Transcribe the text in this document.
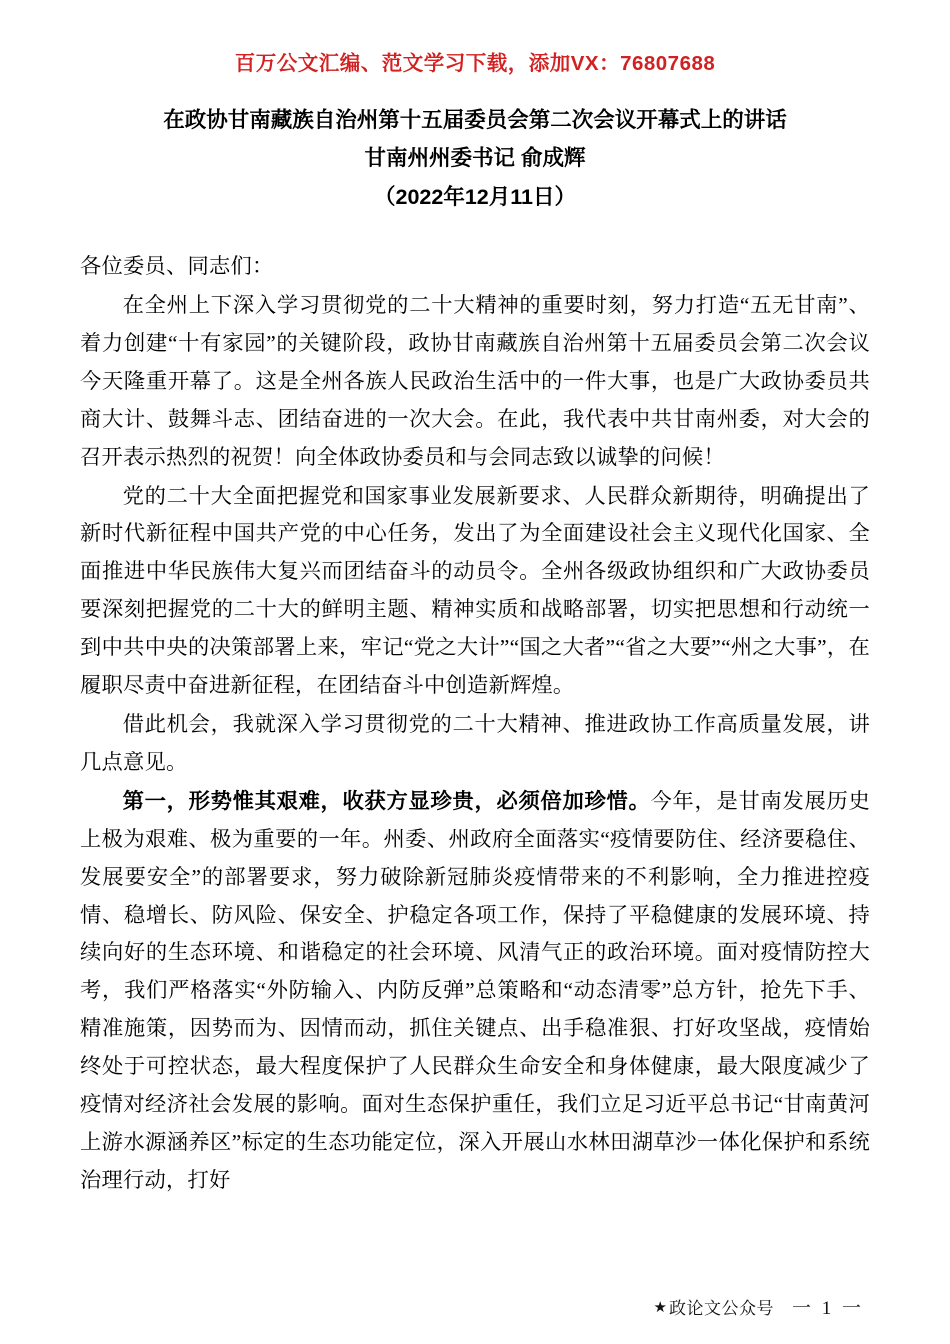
百万公文汇编、范文学习下载，添加VX：76807688
在政协甘南藏族自治州第十五届委员会第二次会议开幕式上的讲话
甘南州州委书记 俞成辉
（2022年12月11日）

各位委员、同志们：

在全州上下深入学习贯彻党的二十大精神的重要时刻，努力打造“五无甘南”、着力创建“十有家园”的关键阶段，政协甘南藏族自治州第十五届委员会第二次会议今天隆重开幕了。这是全州各族人民政治生活中的一件大事，也是广大政协委员共商大计、鼓舞斗志、团结奋进的一次大会。在此，我代表中共甘南州委，对大会的召开表示热烈的祝贺！向全体政协委员和与会同志致以诚挚的问候！

党的二十大全面把握党和国家事业发展新要求、人民群众新期待，明确提出了新时代新征程中国共产党的中心任务，发出了为全面建设社会主义现代化国家、全面推进中华民族伟大复兴而团结奋斗的动员令。全州各级政协组织和广大政协委员要深刻把握党的二十大的鲜明主题、精神实质和战略部署，切实把思想和行动统一到中共中央的决策部署上来，牢记“党之大计”“国之大者”“省之大要”“州之大事”，在履职尽责中奋进新征程，在团结奋斗中创造新辉煌。

借此机会，我就深入学习贯彻党的二十大精神、推进政协工作高质量发展，讲几点意见。

第一，形势惟其艰难，收获方显珍贵，必须倍加珍惜。今年，是甘南发展历史上极为艰难、极为重要的一年。州委、州政府全面落实“疫情要防住、经济要稳住、发展要安全”的部署要求，努力破除新冠肺炎疫情带来的不利影响，全力推进控疫情、稳增长、防风险、保安全、护稳定各项工作，保持了平稳健康的发展环境、持续向好的生态环境、和谐稳定的社会环境、风清气正的政治环境。面对疫情防控大考，我们严格落实“外防输入、内防反弹”总策略和“动态清零”总方针，抢先下手、精准施策，因势而为、因情而动，抓住关键点、出手稳准狠、打好攻坚战，疫情始终处于可控状态，最大程度保护了人民群众生命安全和身体健康，最大限度减少了疫情对经济社会发展的影响。面对生态保护重任，我们立足习近平总书记“甘南黄河上游水源涵养区”标定的生态功能定位，深入开展山水林田湖草沙一体化保护和系统治理行动，打好

★ 政论文公众号 一 1 一
